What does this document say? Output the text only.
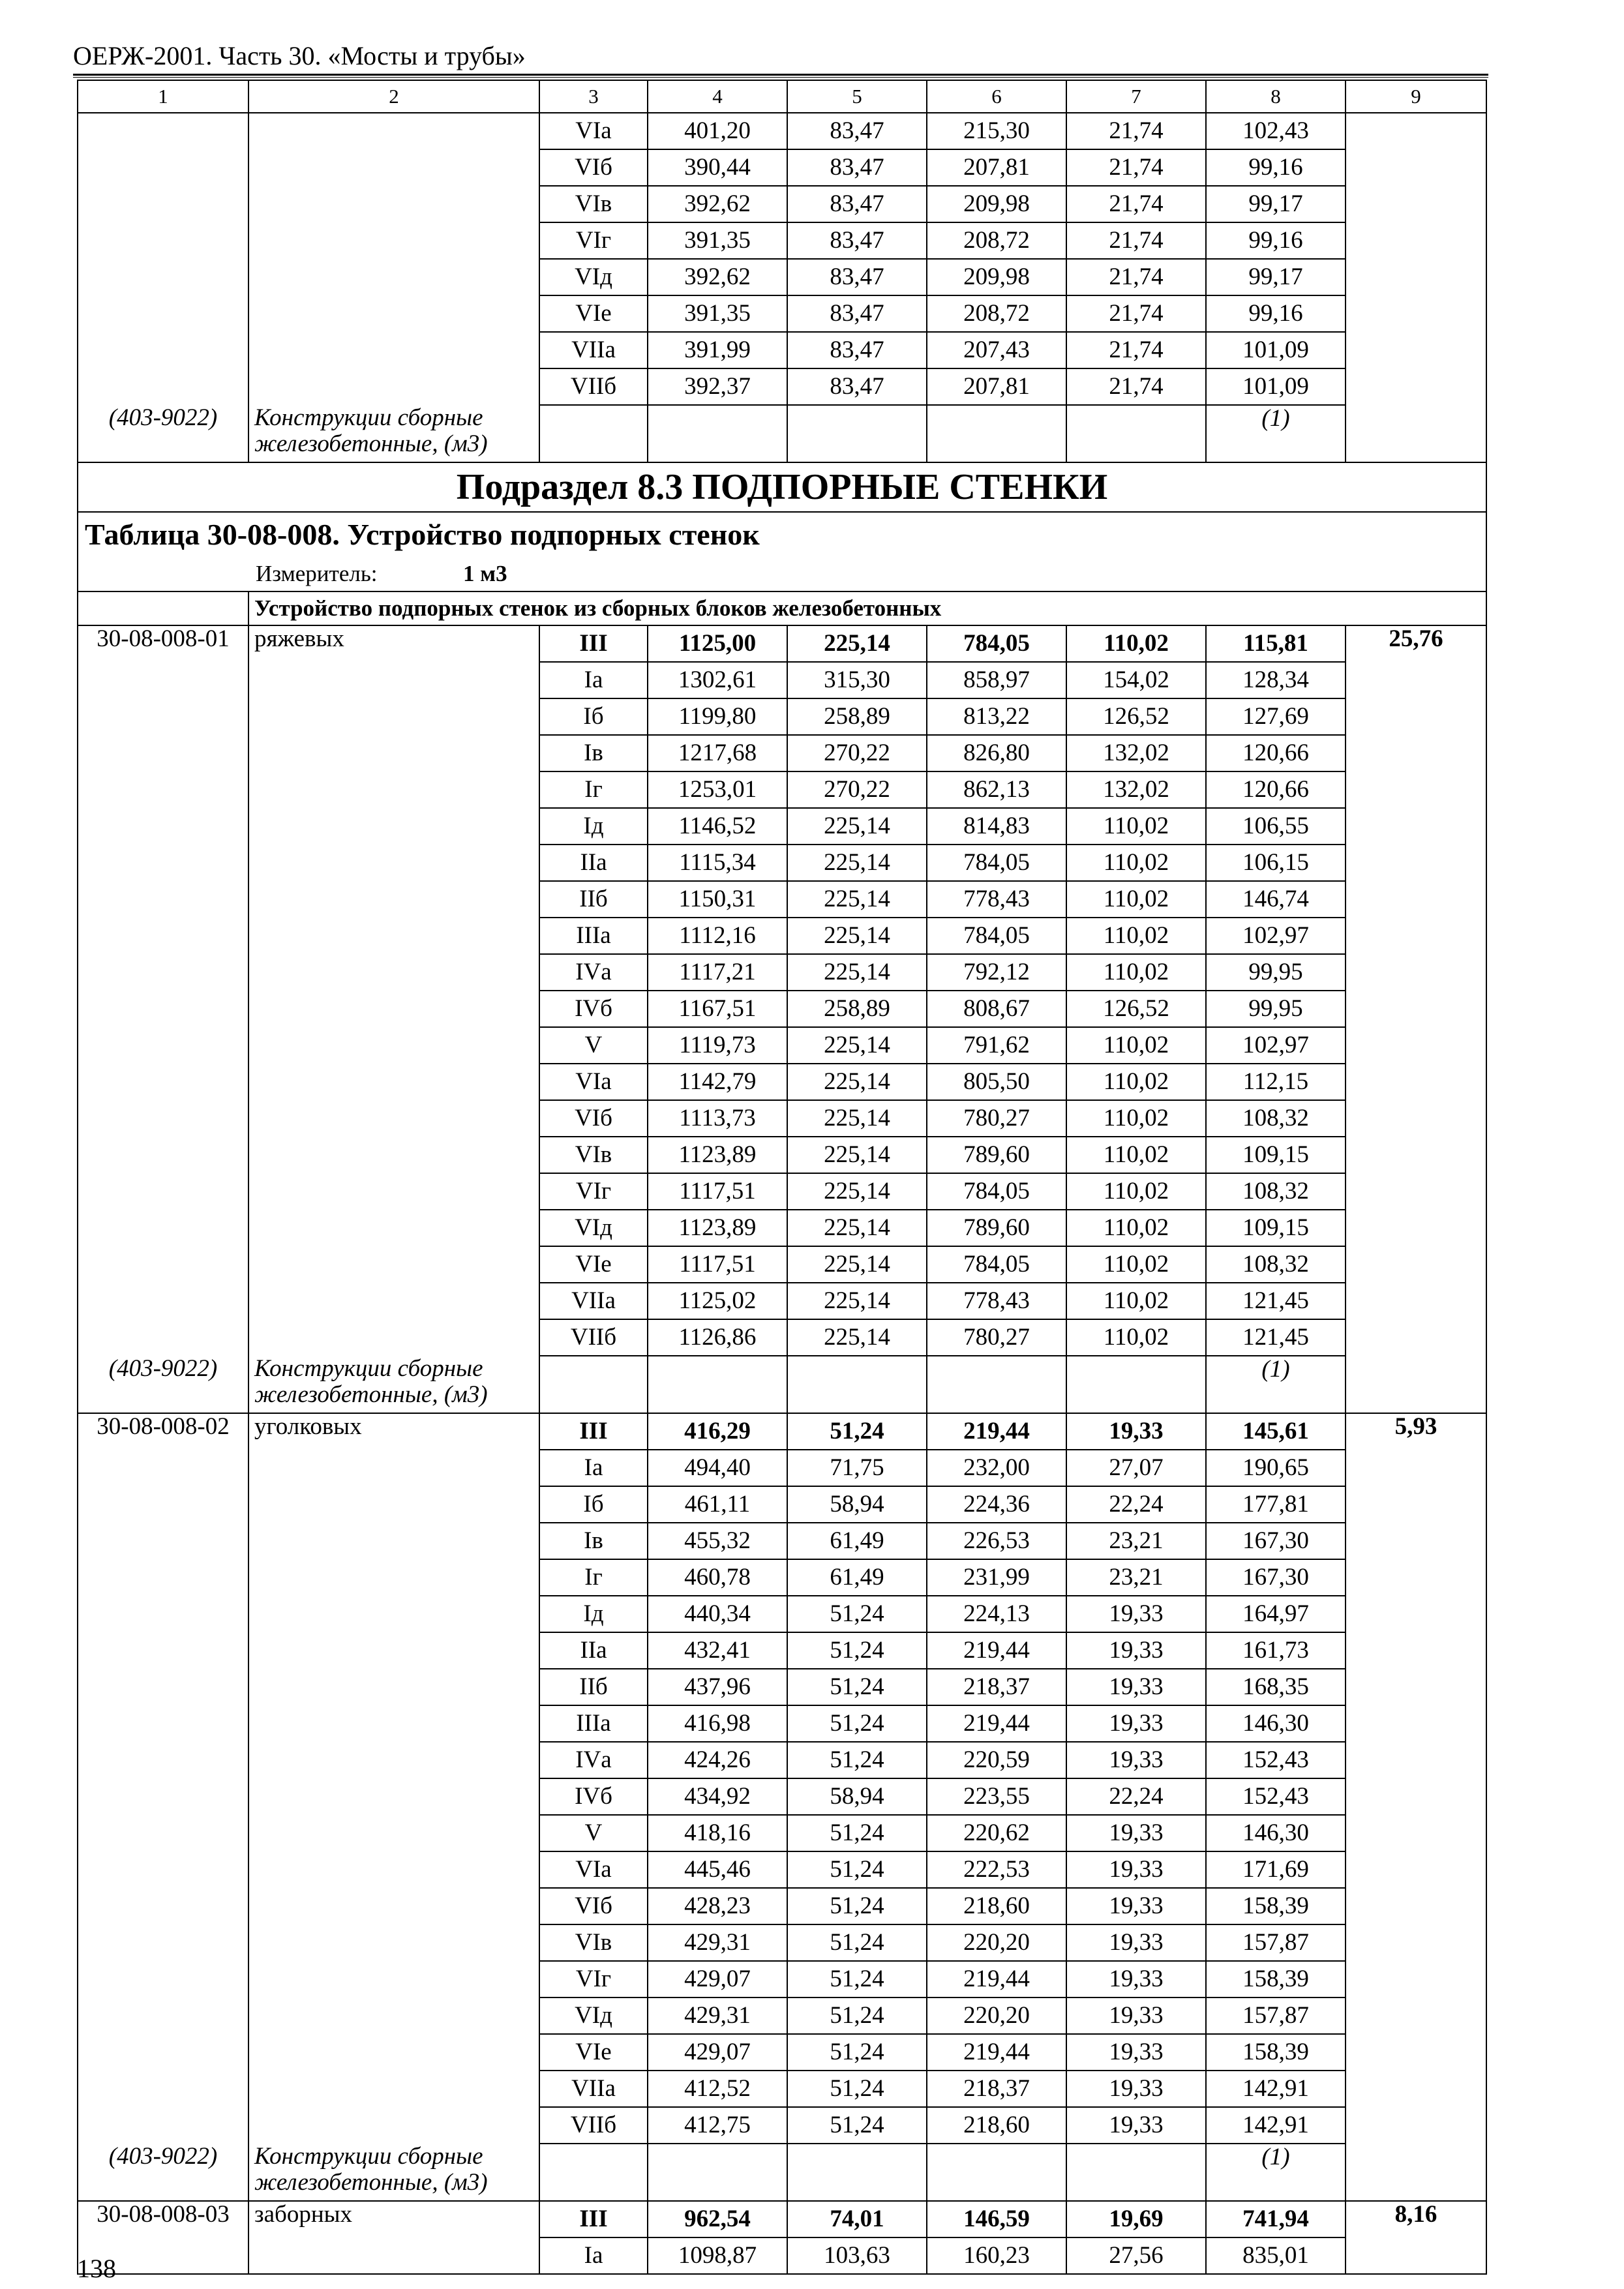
ОЕРЖ-2001. Часть 30. «Мосты и трубы»
1	2	3	4	5	6	7	8	9
		VIа	401,20	83,47	215,30	21,74	102,43	
		VIб	390,44	83,47	207,81	21,74	99,16	
		VIв	392,62	83,47	209,98	21,74	99,17	
		VIг	391,35	83,47	208,72	21,74	99,16	
		VIд	392,62	83,47	209,98	21,74	99,17	
		VIе	391,35	83,47	208,72	21,74	99,16	
		VIIа	391,99	83,47	207,43	21,74	101,09	
		VIIб	392,37	83,47	207,81	21,74	101,09	
(403-9022)	Конструкции сборные железобетонные, (м3)						(1)	
Подраздел 8.3 ПОДПОРНЫЕ СТЕНКИ								
Таблица 30-08-008. Устройство подпорных стенок								
Измеритель: 1 м3								
	Устройство подпорных стенок из сборных блоков железобетонных							
30-08-008-01	ряжевых	III	1125,00	225,14	784,05	110,02	115,81	25,76
		Iа	1302,61	315,30	858,97	154,02	128,34	
		Iб	1199,80	258,89	813,22	126,52	127,69	
		Iв	1217,68	270,22	826,80	132,02	120,66	
		Iг	1253,01	270,22	862,13	132,02	120,66	
		Iд	1146,52	225,14	814,83	110,02	106,55	
		IIа	1115,34	225,14	784,05	110,02	106,15	
		IIб	1150,31	225,14	778,43	110,02	146,74	
		IIIа	1112,16	225,14	784,05	110,02	102,97	
		IVа	1117,21	225,14	792,12	110,02	99,95	
		IVб	1167,51	258,89	808,67	126,52	99,95	
		V	1119,73	225,14	791,62	110,02	102,97	
		VIа	1142,79	225,14	805,50	110,02	112,15	
		VIб	1113,73	225,14	780,27	110,02	108,32	
		VIв	1123,89	225,14	789,60	110,02	109,15	
		VIг	1117,51	225,14	784,05	110,02	108,32	
		VIд	1123,89	225,14	789,60	110,02	109,15	
		VIе	1117,51	225,14	784,05	110,02	108,32	
		VIIа	1125,02	225,14	778,43	110,02	121,45	
		VIIб	1126,86	225,14	780,27	110,02	121,45	
(403-9022)	Конструкции сборные железобетонные, (м3)						(1)	
30-08-008-02	уголковых	III	416,29	51,24	219,44	19,33	145,61	5,93
		Iа	494,40	71,75	232,00	27,07	190,65	
		Iб	461,11	58,94	224,36	22,24	177,81	
		Iв	455,32	61,49	226,53	23,21	167,30	
		Iг	460,78	61,49	231,99	23,21	167,30	
		Iд	440,34	51,24	224,13	19,33	164,97	
		IIа	432,41	51,24	219,44	19,33	161,73	
		IIб	437,96	51,24	218,37	19,33	168,35	
		IIIа	416,98	51,24	219,44	19,33	146,30	
		IVа	424,26	51,24	220,59	19,33	152,43	
		IVб	434,92	58,94	223,55	22,24	152,43	
		V	418,16	51,24	220,62	19,33	146,30	
		VIа	445,46	51,24	222,53	19,33	171,69	
		VIб	428,23	51,24	218,60	19,33	158,39	
		VIв	429,31	51,24	220,20	19,33	157,87	
		VIг	429,07	51,24	219,44	19,33	158,39	
		VIд	429,31	51,24	220,20	19,33	157,87	
		VIе	429,07	51,24	219,44	19,33	158,39	
		VIIа	412,52	51,24	218,37	19,33	142,91	
		VIIб	412,75	51,24	218,60	19,33	142,91	
(403-9022)	Конструкции сборные железобетонные, (м3)						(1)	
30-08-008-03	заборных	III	962,54	74,01	146,59	19,69	741,94	8,16
		Iа	1098,87	103,63	160,23	27,56	835,01	
138
